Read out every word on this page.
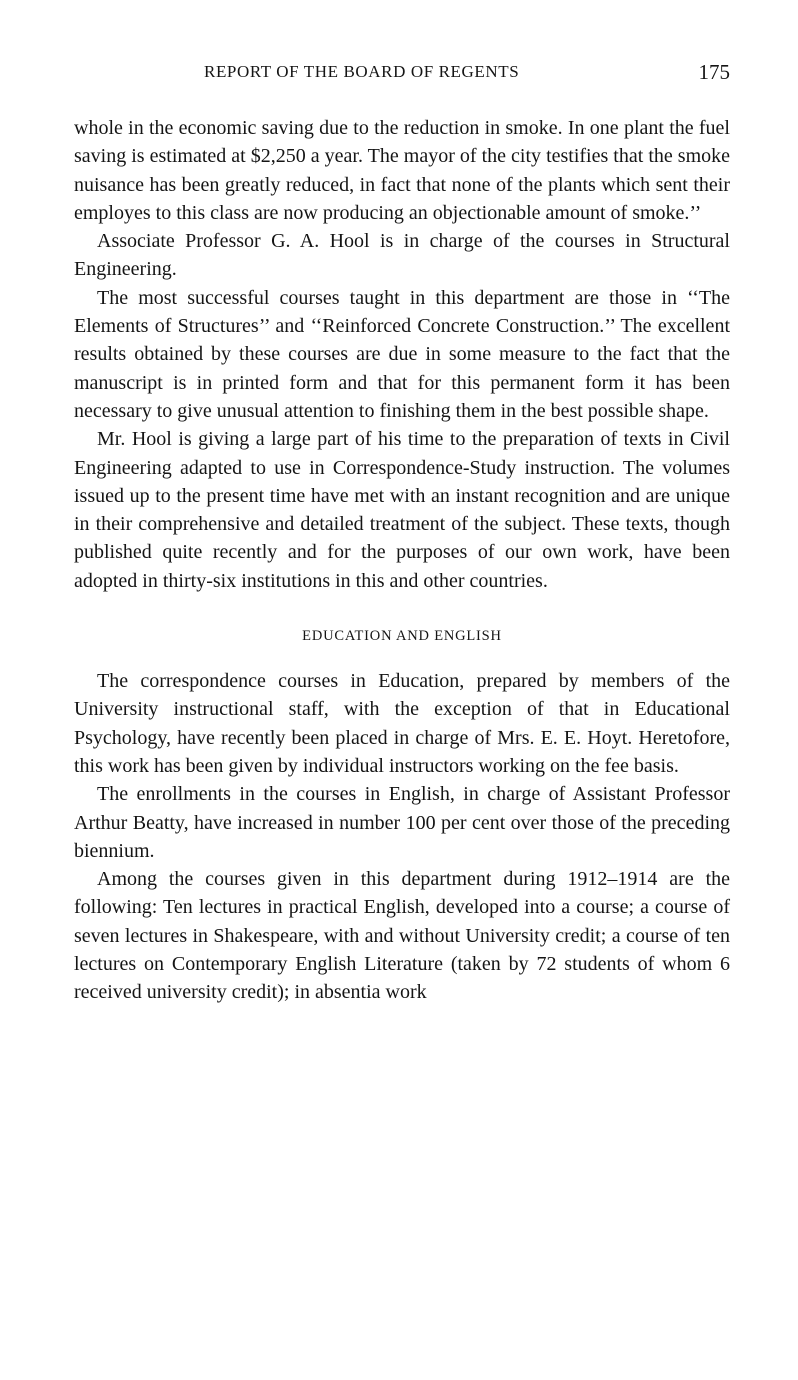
REPORT OF THE BOARD OF REGENTS	175

whole in the economic saving due to the reduction in smoke. In one plant the fuel saving is estimated at $2,250 a year. The mayor of the city testifies that the smoke nuisance has been greatly reduced, in fact that none of the plants which sent their employes to this class are now producing an objectionable amount of smoke.’’

Associate Professor G. A. Hool is in charge of the courses in Structural Engineering.

The most successful courses taught in this department are those in ‘‘The Elements of Structures’’ and ‘‘Reinforced Concrete Construction.’’ The excellent results obtained by these courses are due in some measure to the fact that the manuscript is in printed form and that for this permanent form it has been necessary to give unusual attention to finishing them in the best possible shape.

Mr. Hool is giving a large part of his time to the preparation of texts in Civil Engineering adapted to use in Correspondence-Study instruction. The volumes issued up to the present time have met with an instant recognition and are unique in their comprehensive and detailed treatment of the subject. These texts, though published quite recently and for the purposes of our own work, have been adopted in thirty-six institutions in this and other countries.

EDUCATION AND ENGLISH

The correspondence courses in Education, prepared by members of the University instructional staff, with the exception of that in Educational Psychology, have recently been placed in charge of Mrs. E. E. Hoyt. Heretofore, this work has been given by individual instructors working on the fee basis.

The enrollments in the courses in English, in charge of Assistant Professor Arthur Beatty, have increased in number 100 per cent over those of the preceding biennium.

Among the courses given in this department during 1912–1914 are the following: Ten lectures in practical English, developed into a course; a course of seven lectures in Shakespeare, with and without University credit; a course of ten lectures on Contemporary English Literature (taken by 72 students of whom 6 received university credit); in absentia work
